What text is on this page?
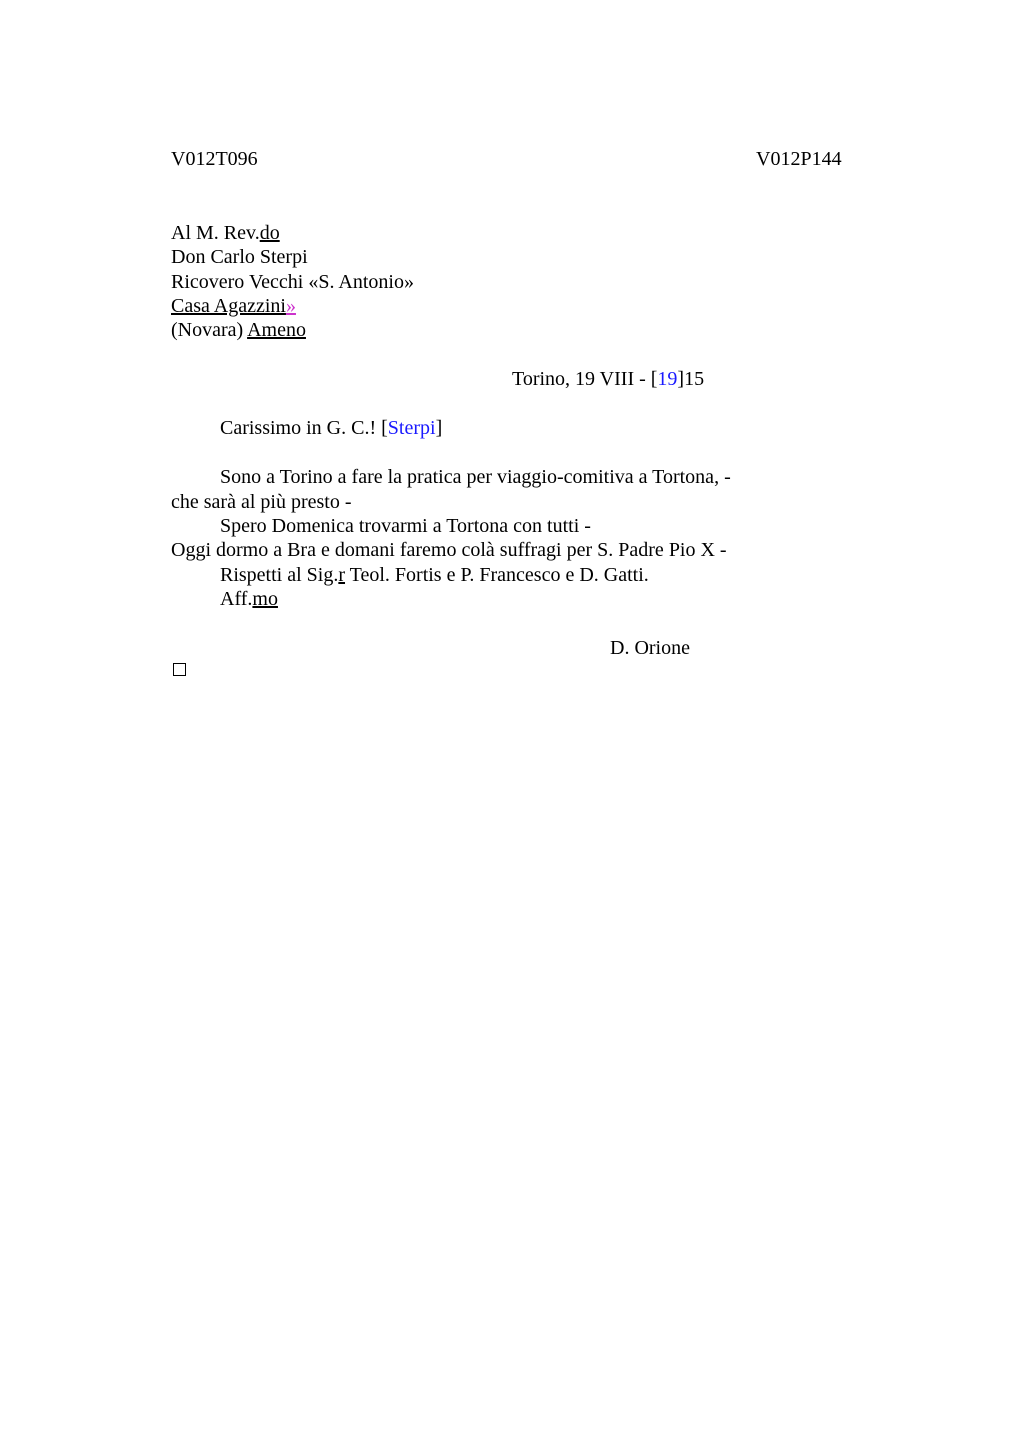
V012T096	V012P144
Al M. Rev.do
Don Carlo Sterpi
Ricovero Vecchi «S. Antonio»
Casa Agazzini»
(Novara) Ameno
Torino, 19 VIII - [19]15
Carissimo in G. C.! [Sterpi]
Sono a Torino a fare la pratica per viaggio-comitiva a Tortona, -
che sarà al più presto -
Spero Domenica trovarmi a Tortona con tutti -
Oggi dormo a Bra e domani faremo colà suffragi per S. Padre Pio X -
Rispetti al Sig.r Teol. Fortis e P. Francesco e D. Gatti.
Aff.mo
D. Orione
